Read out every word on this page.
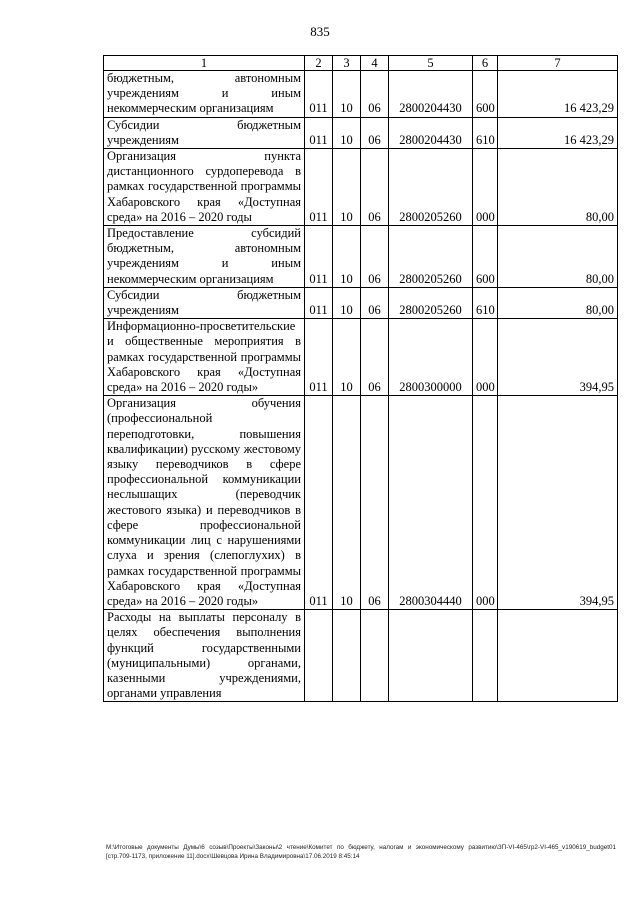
835
1	2	3	4	5	6	7
бюджетным, автономным учреждениям и иным некоммерческим организациям	011	10	06	2800204430	600	16 423,29
Субсидии бюджетным учреждениям	011	10	06	2800204430	610	16 423,29
Организация пункта дистанционного сурдоперевода в рамках государственной программы Хабаровского края «Доступная среда» на 2016 – 2020 годы	011	10	06	2800205260	000	80,00
Предоставление субсидий бюджетным, автономным учреждениям и иным некоммерческим организациям	011	10	06	2800205260	600	80,00
Субсидии бюджетным учреждениям	011	10	06	2800205260	610	80,00
Информационно-просветительские и общественные мероприятия в рамках государственной программы Хабаровского края «Доступная среда» на 2016 – 2020 годы»	011	10	06	2800300000	000	394,95
Организация обучения (профессиональной переподготовки, повышения квалификации) русскому жестовому языку переводчиков в сфере профессиональной коммуникации неслышащих (переводчик жестового языка) и переводчиков в сфере профессиональной коммуникации лиц с нарушениями слуха и зрения (слепоглухих) в рамках государственной программы Хабаровского края «Доступная среда» на 2016 – 2020 годы»	011	10	06	2800304440	000	394,95
Расходы на выплаты персоналу в целях обеспечения выполнения функций государственными (муниципальными) органами, казенными учреждениями, органами управления						
M:\Итоговые документы Думы\6 созыв\Проекты\Законы\2 чтение\Комитет по бюджету, налогам и экономическому развитию\ЗП-VI-465\гр2-VI-465_v190619_budget01 [стр.709-1173, приложение 11].docx\Шевцова Ирина Владимировна\17.06.2019 8:45:14
